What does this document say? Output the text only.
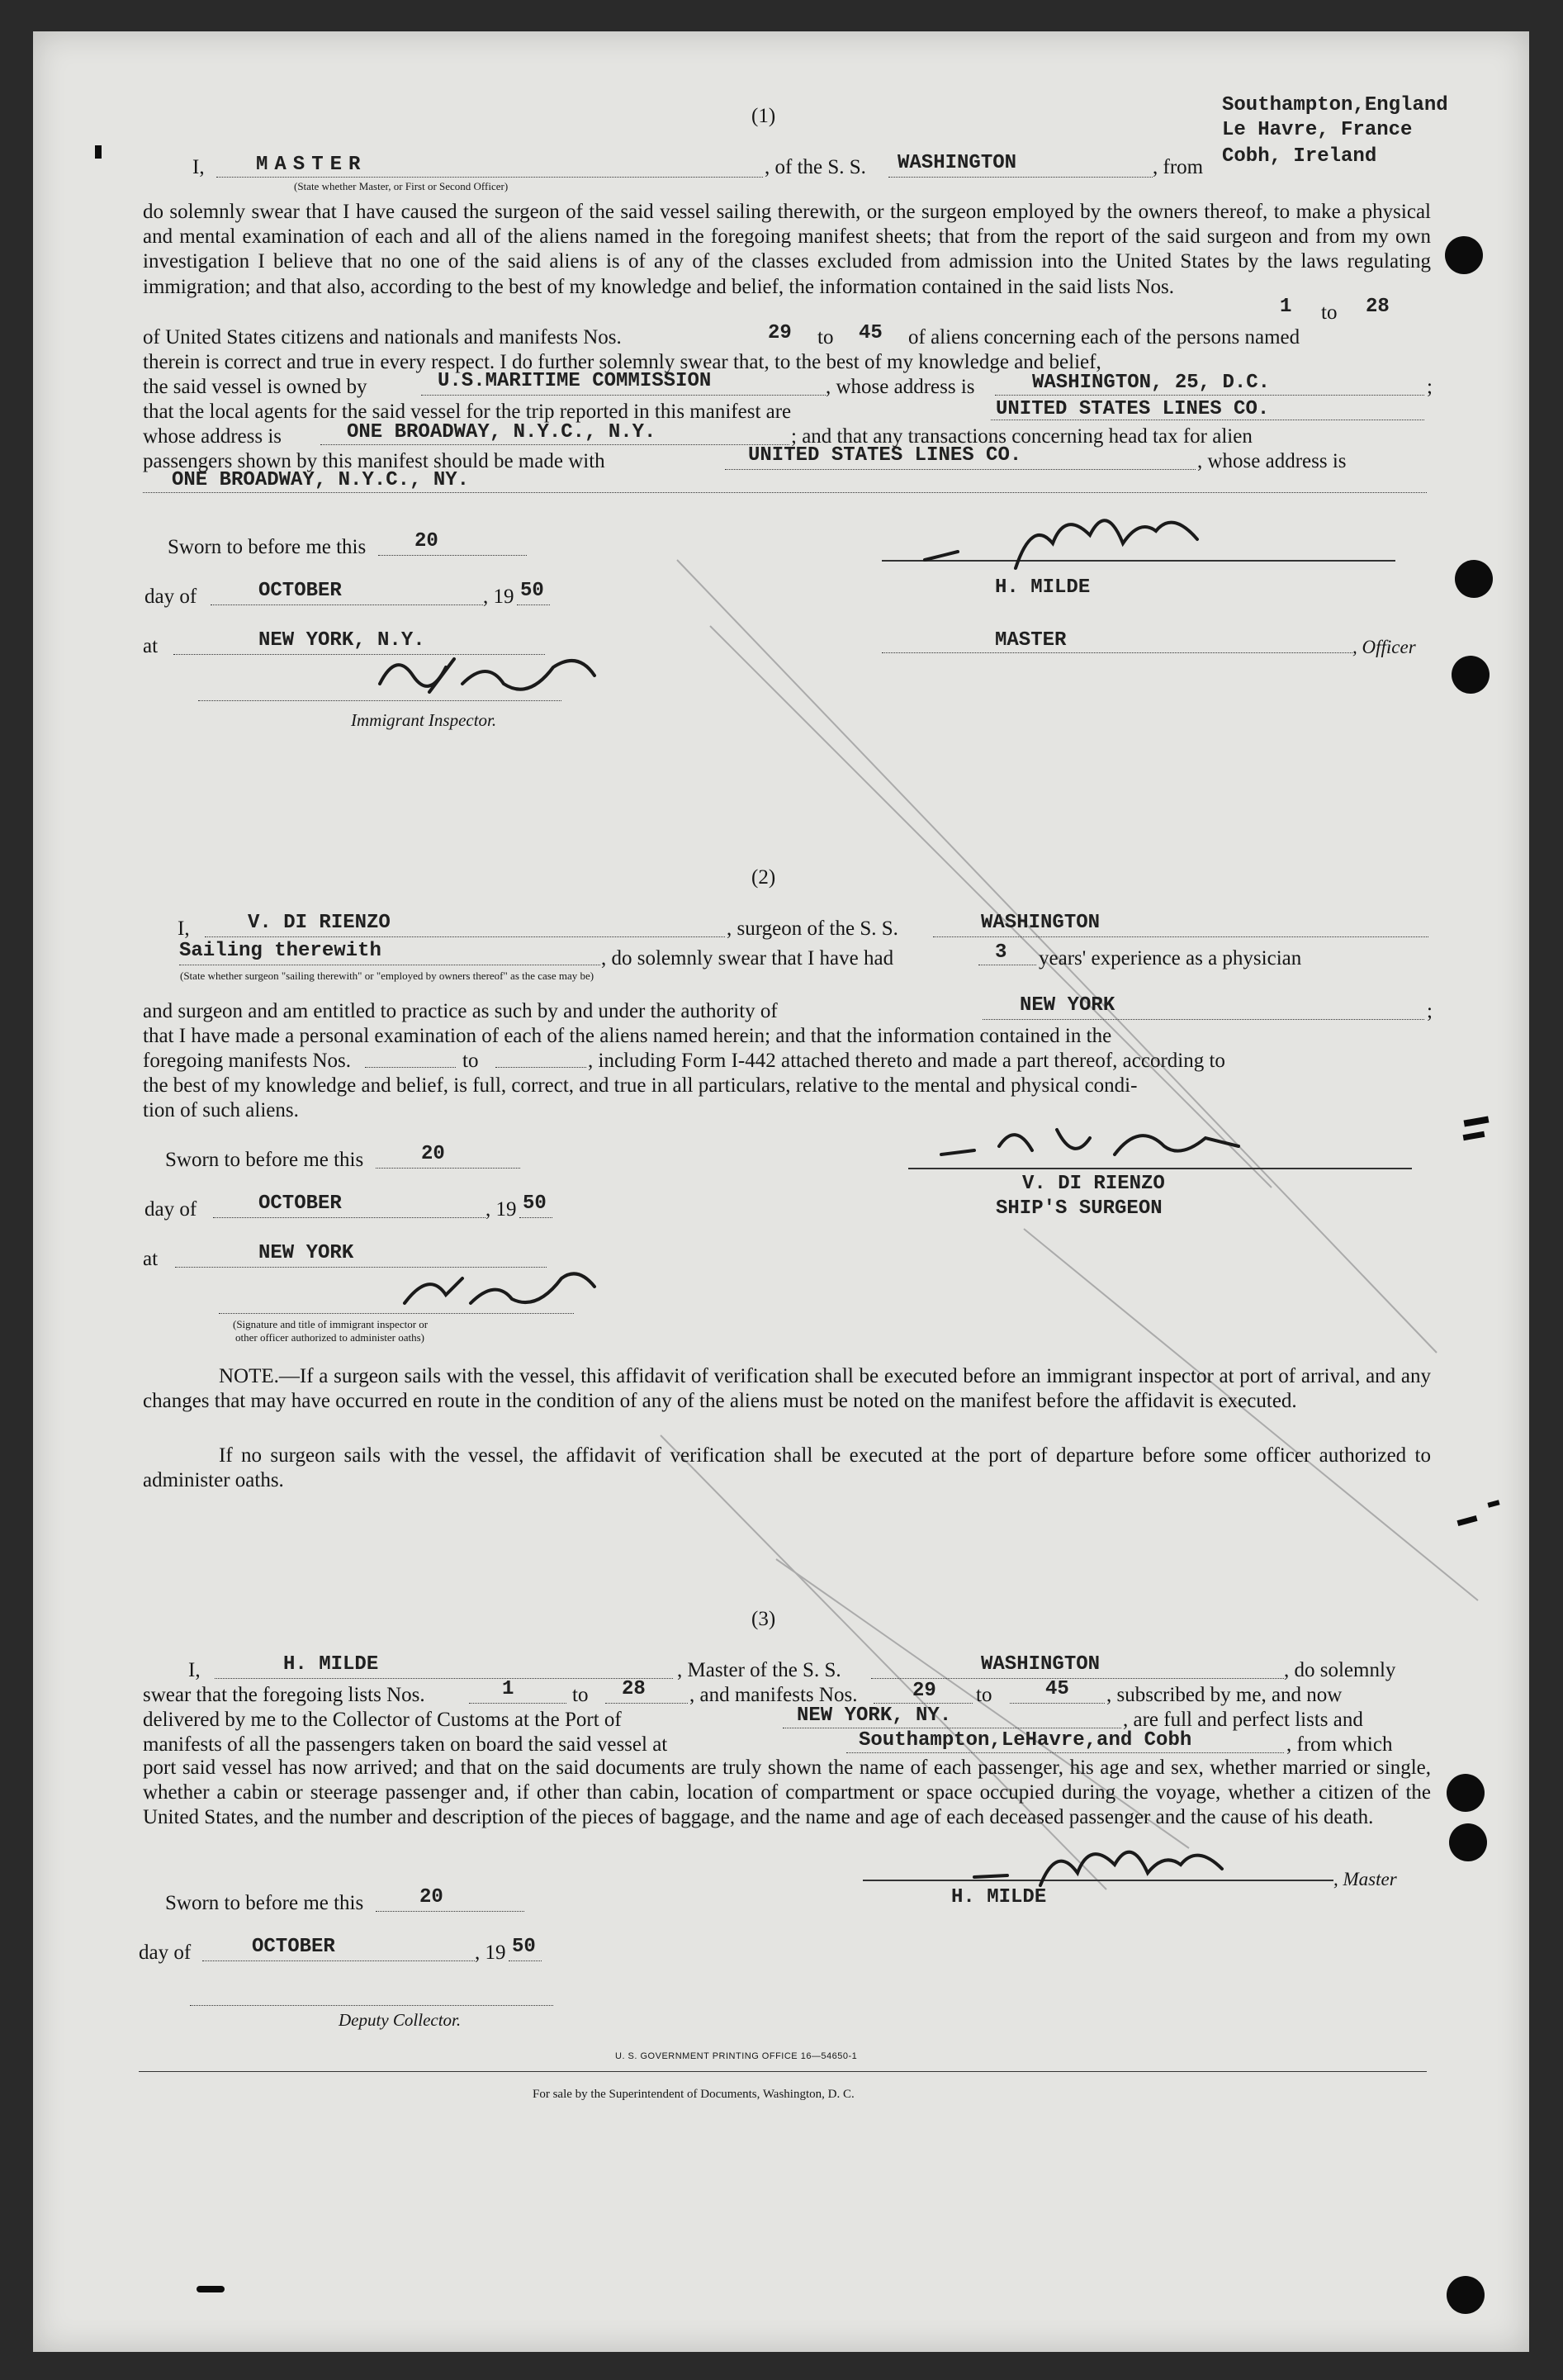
Southampton,England
Le Havre, France
Cobh, Ireland
(1)
I,	MASTER
(State whether Master, or First or Second Officer)
, of the S. S. WASHINGTON	, from
do solemnly swear that I have caused the surgeon of the said vessel sailing therewith, or the surgeon employed by the owners thereof, to make a physical and mental examination of each and all of the aliens named in the foregoing manifest sheets; that from the report of the said surgeon and from my own investigation I believe that no one of the said aliens is of any of the classes excluded from admission into the United States by the laws regulating immigration; and that also, according to the best of my knowledge and belief, the information contained in the said lists Nos.
1 to 28
of United States citizens and nationals and manifests Nos.	29 to 45 of aliens concerning each of the persons named
therein is correct and true in every respect. I do further solemnly swear that, to the best of my knowledge and belief,
the said vessel is owned by	U.S.MARITIME COMMISSION	, whose address is	WASHINGTON, 25, D.C.	;
that the local agents for the said vessel for the trip reported in this manifest are	UNITED STATES LINES CO.
whose address is	ONE BROADWAY, N.Y.C., N.Y.	; and that any transactions concerning head tax for alien
passengers shown by this manifest should be made with	UNITED STATES LINES CO.	, whose address is
ONE BROADWAY, N.Y.C., NY.
Sworn to before me this 20
day of	OCTOBER	, 19 50
at	NEW YORK, N.Y.
Immigrant Inspector.
H. MILDE
MASTER	, Officer
(2)
I,	V. DI RIENZO	, surgeon of the S. S.	WASHINGTON
Sailing therewith	, do solemnly swear that I have had	3 years' experience as a physician
(State whether surgeon "sailing therewith" or "employed by owners thereof" as the case may be)
and surgeon and am entitled to practice as such by and under the authority of	NEW YORK	;
that I have made a personal examination of each of the aliens named herein; and that the information contained in the
foregoing manifests Nos.	to	, including Form I-442 attached thereto and made a part thereof, according to
the best of my knowledge and belief, is full, correct, and true in all particulars, relative to the mental and physical condi-
tion of such aliens.
Sworn to before me this	20
day of	OCTOBER	, 19 50
at	NEW YORK
(Signature and title of immigrant inspector or
other officer authorized to administer oaths)
V. DI RIENZO
SHIP'S SURGEON
NOTE.—If a surgeon sails with the vessel, this affidavit of verification shall be executed before an immigrant inspector at port of arrival, and any changes that may have occurred en route in the condition of any of the aliens must be noted on the manifest before the affidavit is executed.
If no surgeon sails with the vessel, the affidavit of verification shall be executed at the port of departure before some officer authorized to administer oaths.
(3)
I,	H. MILDE	, Master of the S. S.	WASHINGTON	, do solemnly
swear that the foregoing lists Nos.	1	to 28 , and manifests Nos.	29 to	45 , subscribed by me, and now
delivered by me to the Collector of Customs at the Port of	NEW YORK, NY.	, are full and perfect lists and
manifests of all the passengers taken on board the said vessel at	Southampton,LeHavre,and Cobh	, from which
port said vessel has now arrived; and that on the said documents are truly shown the name of each passenger, his age and sex, whether married or single, whether a cabin or steerage passenger and, if other than cabin, location of compartment or space occupied during the voyage, whether a citizen of the United States, and the number and description of the pieces of baggage, and the name and age of each deceased passenger and the cause of his death.
Sworn to before me this	20
day of	OCTOBER	, 19 50
Deputy Collector.
H. MILDE
, Master
U. S. GOVERNMENT PRINTING OFFICE 16—54650-1
For sale by the Superintendent of Documents, Washington, D. C.
